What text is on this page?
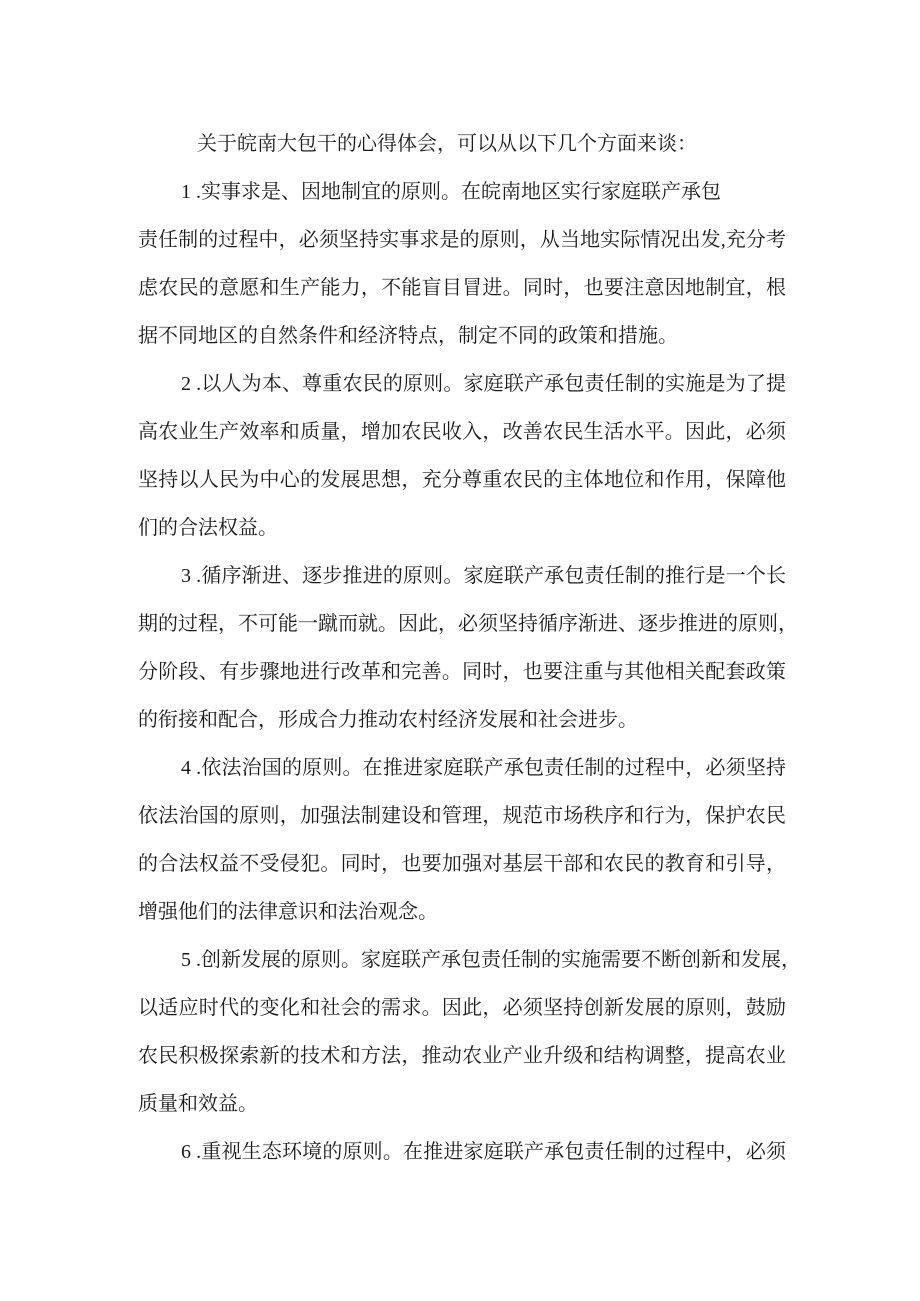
关于皖南大包干的心得体会，可以从以下几个方面来谈：
1 .实事求是、因地制宜的原则。在皖南地区实行家庭联产承包
责任制的过程中，必须坚持实事求是的原则，从当地实际情况出发,充分考
虑农民的意愿和生产能力，不能盲目冒进。同时，也要注意因地制宜，根
据不同地区的自然条件和经济特点，制定不同的政策和措施。
2 .以人为本、尊重农民的原则。家庭联产承包责任制的实施是为了提
高农业生产效率和质量，增加农民收入，改善农民生活水平。因此，必须
坚持以人民为中心的发展思想，充分尊重农民的主体地位和作用，保障他
们的合法权益。
3 .循序渐进、逐步推进的原则。家庭联产承包责任制的推行是一个长
期的过程，不可能一蹴而就。因此，必须坚持循序渐进、逐步推进的原则，
分阶段、有步骤地进行改革和完善。同时，也要注重与其他相关配套政策
的衔接和配合，形成合力推动农村经济发展和社会进步。
4 .依法治国的原则。在推进家庭联产承包责任制的过程中，必须坚持
依法治国的原则，加强法制建设和管理，规范市场秩序和行为，保护农民
的合法权益不受侵犯。同时，也要加强对基层干部和农民的教育和引导，
增强他们的法律意识和法治观念。
5 .创新发展的原则。家庭联产承包责任制的实施需要不断创新和发展，
以适应时代的变化和社会的需求。因此，必须坚持创新发展的原则，鼓励
农民积极探索新的技术和方法，推动农业产业升级和结构调整，提高农业
质量和效益。
6 .重视生态环境的原则。在推进家庭联产承包责任制的过程中，必须
